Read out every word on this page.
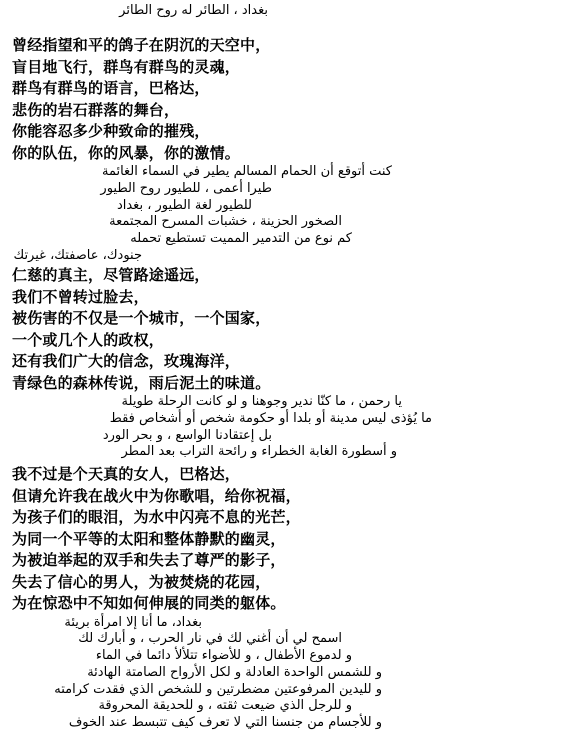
بغداد ، الطائر له روح الطائر
曾经指望和平的鸽子在阴沉的天空中，
盲目地飞行，群鸟有群鸟的灵魂，
群鸟有群鸟的语言，巴格达，
悲伤的岩石群落的舞台，
你能容忍多少种致命的摧残，
你的队伍，你的风暴，你的激情。
كنت أتوقع أن الحمام المسالم يطير في السماء الغائمة
طيرا أعمى ، للطيور روح الطيور
للطيور لغة الطيور ، بغداد
الصخور الحزينة ، خشبات المسرح المجتمعة
كم نوع من التدمير المميت تستطيع تحمله
جنودك، عاصفتك، غيرتك
仁慈的真主，尽管路途遥远，
我们不曾转过脸去，
被伤害的不仅是一个城市，一个国家，
一个或几个人的政权，
还有我们广大的信念，玫瑰海洋，
青绿色的森林传说，雨后泥土的味道。
يا رحمن ، ما كنّا ندير وجوهنا و لو كانت الرحلة طويلة
ما يُؤذى ليس مدينة أو بلدا أو حكومة شخص أو أشخاص فقط
بل إعتقادنا الواسع ، و بحر الورد
و أسطورة الغابة الخطراء و رائحة التراب بعد المطر
我不过是个天真的女人，巴格达，
但请允许我在战火中为你歌唱，给你祝福，
为孩子们的眼泪，为水中闪亮不息的光芒，
为同一个平等的太阳和整体静默的幽灵，
为被迫举起的双手和失去了尊严的影子，
失去了信心的男人，为被焚烧的花园，
为在惊恐中不知如何伸展的同类的躯体。
بغداد، ما أنا إلا امرأة بريئة
اسمح لي أن أغني لك في نار الحرب ، و أبارك لك
و لدموع الأطفال ، و للأضواء تتلألأ دائما في الماء
و للشمس الواحدة العادلة و لكل الأرواح الصامتة الهادئة
و لليدين المرفوعتين مضطرتين و للشخص الذي فقدت كرامته
و للرجل الذي ضيعت ثقته ، و للحديقة المحروقة
و للأجسام من جنسنا التي لا تعرف كيف تتبسط عند الخوف
